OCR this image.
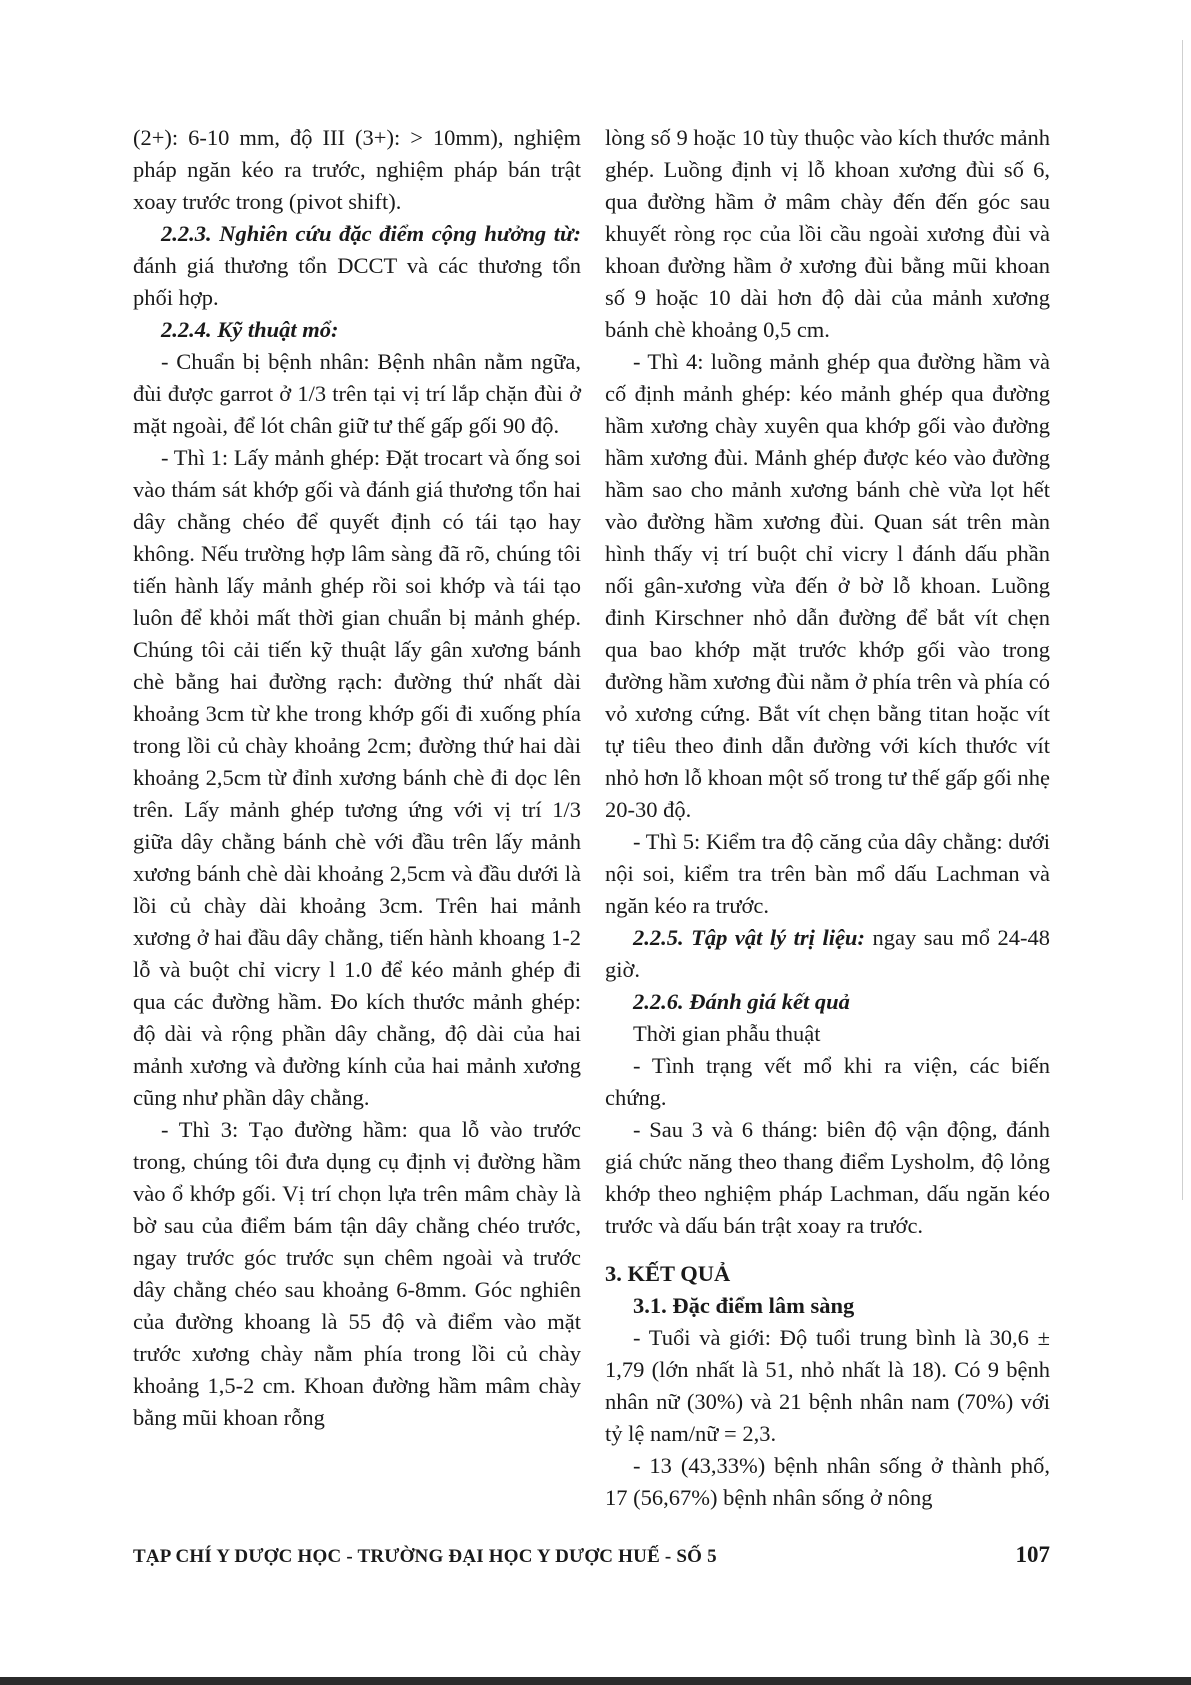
(2+): 6-10 mm, độ III (3+): > 10mm), nghiệm pháp ngăn kéo ra trước, nghiệm pháp bán trật xoay trước trong (pivot shift).

2.2.3. Nghiên cứu đặc điểm cộng hưởng từ: đánh giá thương tổn DCCT và các thương tổn phối hợp.

2.2.4. Kỹ thuật mổ:

- Chuẩn bị bệnh nhân: Bệnh nhân nằm ngữa, đùi được garrot ở 1/3 trên tại vị trí lắp chặn đùi ở mặt ngoài, để lót chân giữ tư thế gấp gối 90 độ.

- Thì 1: Lấy mảnh ghép: Đặt trocart và ống soi vào thám sát khớp gối và đánh giá thương tổn hai dây chằng chéo để quyết định có tái tạo hay không. Nếu trường hợp lâm sàng đã rõ, chúng tôi tiến hành lấy mảnh ghép rồi soi khớp và tái tạo luôn để khỏi mất thời gian chuẩn bị mảnh ghép. Chúng tôi cải tiến kỹ thuật lấy gân xương bánh chè bằng hai đường rạch: đường thứ nhất dài khoảng 3cm từ khe trong khớp gối đi xuống phía trong lồi củ chày khoảng 2cm; đường thứ hai dài khoảng 2,5cm từ đỉnh xương bánh chè đi dọc lên trên. Lấy mảnh ghép tương ứng với vị trí 1/3 giữa dây chằng bánh chè với đầu trên lấy mảnh xương bánh chè dài khoảng 2,5cm và đầu dưới là lồi củ chày dài khoảng 3cm. Trên hai mảnh xương ở hai đầu dây chằng, tiến hành khoang 1-2 lỗ và buột chỉ vicry l 1.0 để kéo mảnh ghép đi qua các đường hầm. Đo kích thước mảnh ghép: độ dài và rộng phần dây chằng, độ dài của hai mảnh xương và đường kính của hai mảnh xương cũng như phần dây chằng.

- Thì 3: Tạo đường hầm: qua lỗ vào trước trong, chúng tôi đưa dụng cụ định vị đường hầm vào ổ khớp gối. Vị trí chọn lựa trên mâm chày là bờ sau của điểm bám tận dây chằng chéo trước, ngay trước góc trước sụn chêm ngoài và trước dây chằng chéo sau khoảng 6-8mm. Góc nghiên của đường khoang là 55 độ và điểm vào mặt trước xương chày nằm phía trong lồi củ chày khoảng 1,5-2 cm. Khoan đường hầm mâm chày bằng mũi khoan rỗng

lòng số 9 hoặc 10 tùy thuộc vào kích thước mảnh ghép. Luồng định vị lỗ khoan xương đùi số 6, qua đường hầm ở mâm chày đến đến góc sau khuyết ròng rọc của lồi cầu ngoài xương đùi và khoan đường hầm ở xương đùi bằng mũi khoan số 9 hoặc 10 dài hơn độ dài của mảnh xương bánh chè khoảng 0,5 cm.

- Thì 4: luồng mảnh ghép qua đường hầm và cố định mảnh ghép: kéo mảnh ghép qua đường hầm xương chày xuyên qua khớp gối vào đường hầm xương đùi. Mảnh ghép được kéo vào đường hầm sao cho mảnh xương bánh chè vừa lọt hết vào đường hầm xương đùi. Quan sát trên màn hình thấy vị trí buột chỉ vicry l đánh dấu phần nối gân-xương vừa đến ở bờ lỗ khoan. Luồng đinh Kirschner nhỏ dẫn đường để bắt vít chẹn qua bao khớp mặt trước khớp gối vào trong đường hầm xương đùi nằm ở phía trên và phía có vỏ xương cứng. Bắt vít chẹn bằng titan hoặc vít tự tiêu theo đinh dẫn đường với kích thước vít nhỏ hơn lỗ khoan một số trong tư thế gấp gối nhẹ 20-30 độ.

- Thì 5: Kiểm tra độ căng của dây chằng: dưới nội soi, kiểm tra trên bàn mổ dấu Lachman và ngăn kéo ra trước.

2.2.5. Tập vật lý trị liệu: ngay sau mổ 24-48 giờ.

2.2.6. Đánh giá kết quả

Thời gian phẫu thuật

- Tình trạng vết mổ khi ra viện, các biến chứng.

- Sau 3 và 6 tháng: biên độ vận động, đánh giá chức năng theo thang điểm Lysholm, độ lỏng khớp theo nghiệm pháp Lachman, dấu ngăn kéo trước và dấu bán trật xoay ra trước.

3. KẾT QUẢ

3.1. Đặc điểm lâm sàng

- Tuổi và giới: Độ tuổi trung bình là 30,6 ± 1,79 (lớn nhất là 51, nhỏ nhất là 18). Có 9 bệnh nhân nữ (30%) và 21 bệnh nhân nam (70%) với tỷ lệ nam/nữ = 2,3.

- 13 (43,33%) bệnh nhân sống ở thành phố, 17 (56,67%) bệnh nhân sống ở nông

TẠP CHÍ Y DƯỢC HỌC - TRƯỜNG ĐẠI HỌC Y DƯỢC HUẾ - SỐ 5	107
